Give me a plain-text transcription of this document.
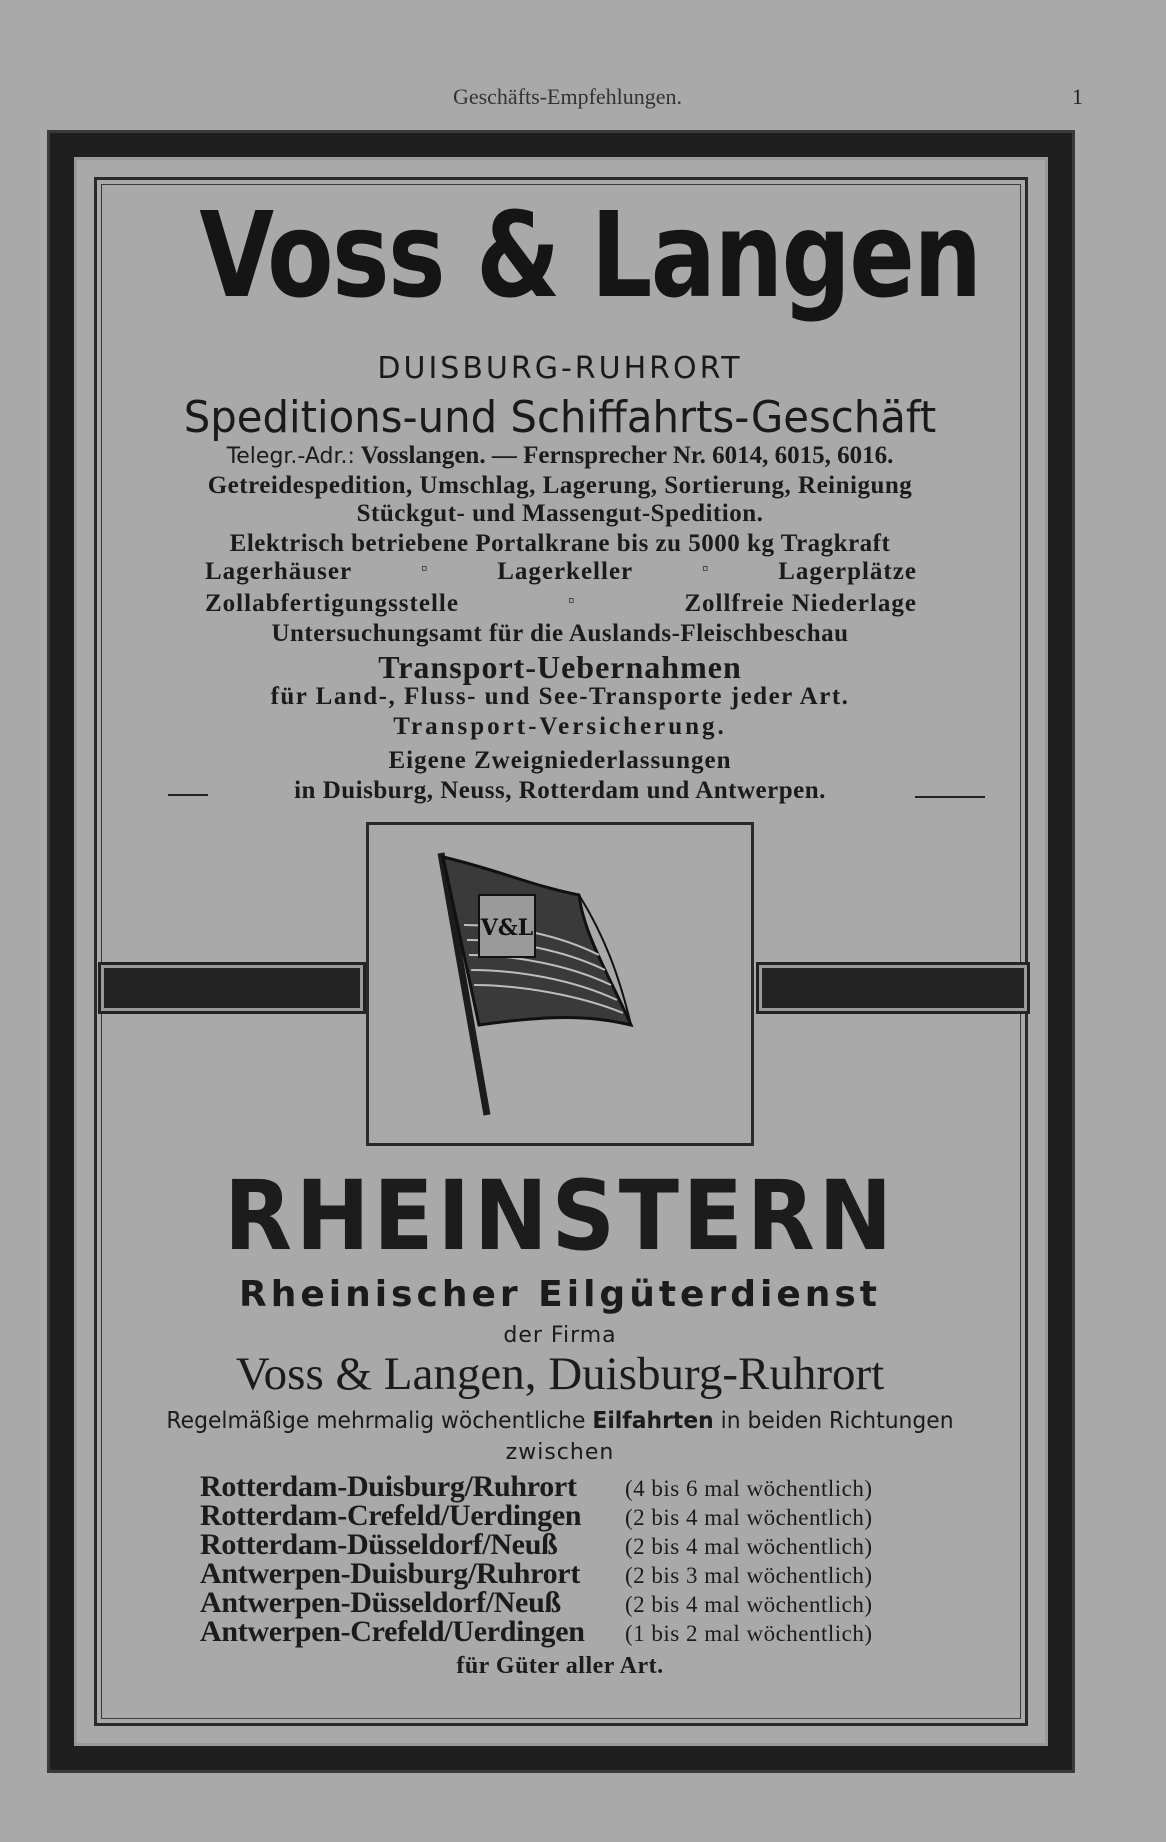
Geschäfts-Empfehlungen.	1
Voss & Langen
DUISBURG-RUHRORT
Speditions-und Schiffahrts-Geschäft
Telegr.-Adr.: Vosslangen. — Fernsprecher Nr. 6014, 6015, 6016.
Getreidespedition, Umschlag, Lagerung, Sortierung, Reinigung
Stückgut- und Massengut-Spedition.
Elektrisch betriebene Portalkrane bis zu 5000 kg Tragkraft
Lagerhäuser	▫	Lagerkeller	▫	Lagerplätze
Zollabfertigungsstelle	▫	Zollfreie Niederlage
Untersuchungsamt für die Auslands-Fleischbeschau
Transport-Uebernahmen
für Land-, Fluss- und See-Transporte jeder Art.
Transport-Versicherung.
Eigene Zweigniederlassungen
in Duisburg, Neuss, Rotterdam und Antwerpen.
V&L
RHEINSTERN
Rheinischer Eilgüterdienst
der Firma
Voss & Langen, Duisburg-Ruhrort
Regelmäßige mehrmalig wöchentliche Eilfahrten in beiden Richtungen
zwischen
Rotterdam-Duisburg/Ruhrort	(4 bis 6 mal wöchentlich)
Rotterdam-Crefeld/Uerdingen	(2 bis 4 mal wöchentlich)
Rotterdam-Düsseldorf/Neuß	(2 bis 4 mal wöchentlich)
Antwerpen-Duisburg/Ruhrort	(2 bis 3 mal wöchentlich)
Antwerpen-Düsseldorf/Neuß	(2 bis 4 mal wöchentlich)
Antwerpen-Crefeld/Uerdingen	(1 bis 2 mal wöchentlich)
für Güter aller Art.
